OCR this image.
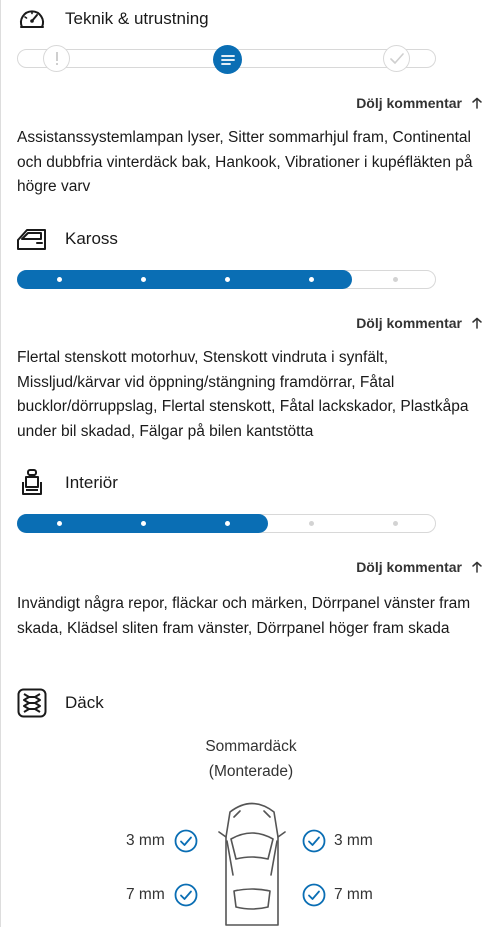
Teknik & utrustning
Dölj kommentar

Assistanssystemlampan lyser, Sitter sommarhjul fram, Continental och dubbfria vinterdäck bak, Hankook, Vibrationer i kupéfläkten på högre varv

Kaross
Dölj kommentar

Flertal stenskott motorhuv, Stenskott vindruta i synfält, Missljud/kärvar vid öppning/stängning framdörrar, Fåtal bucklor/dörruppslag, Flertal stenskott, Fåtal lackskador, Plastkåpa under bil skadad, Fälgar på bilen kantstötta

Interiör
Dölj kommentar

Invändigt några repor, fläckar och märken, Dörrpanel vänster fram skada, Klädsel sliten fram vänster, Dörrpanel höger fram skada

Däck
Sommardäck
(Monterade)
3 mm	3 mm
7 mm	7 mm
